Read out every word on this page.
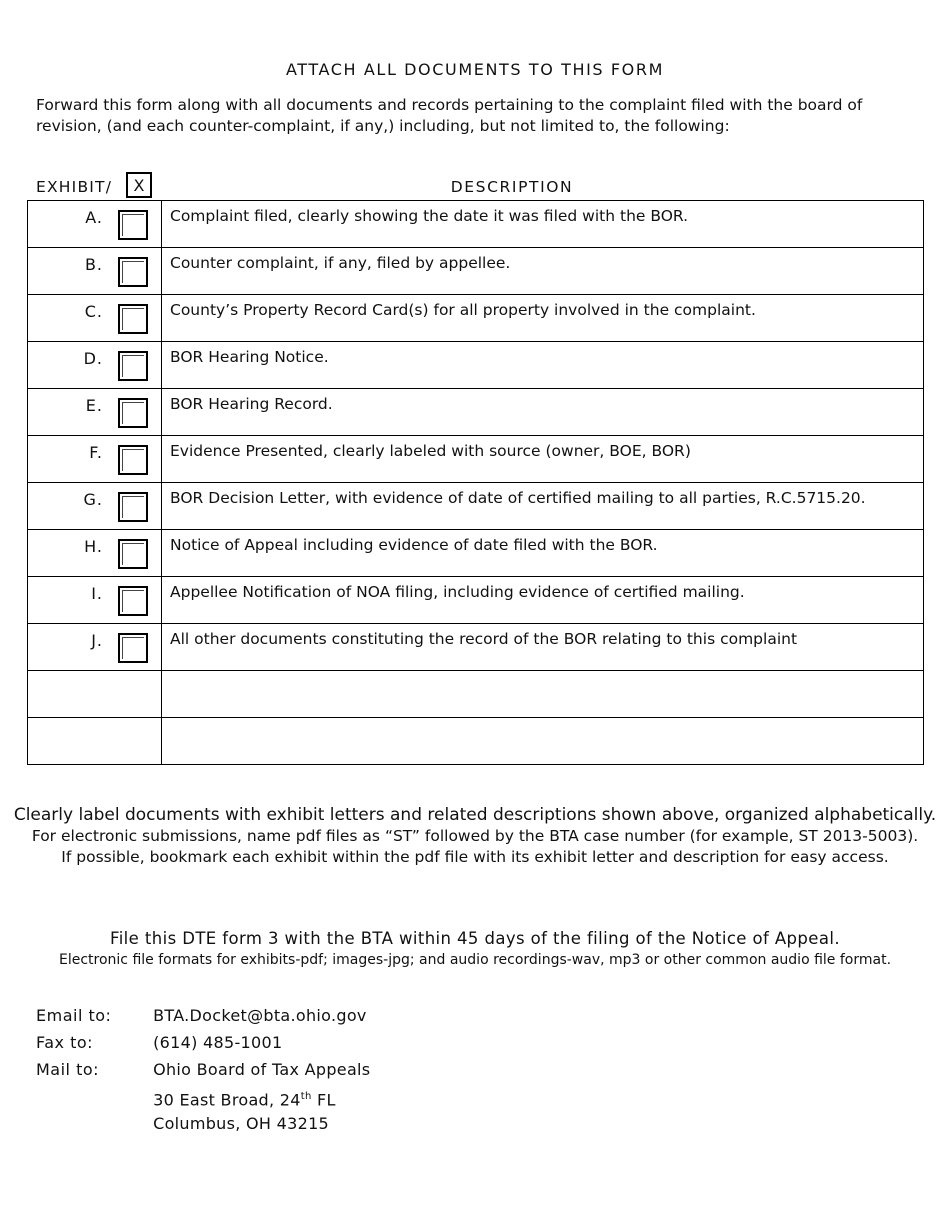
ATTACH ALL DOCUMENTS TO THIS FORM
Forward this form along with all documents and records pertaining to the complaint filed with the board of revision, (and each counter-complaint, if any,) including, but not limited to, the following:
EXHIBIT/	X	DESCRIPTION
A.	Complaint filed, clearly showing the date it was filed with the BOR.

B.	Counter complaint, if any, filed by appellee.

C.	County’s Property Record Card(s) for all property involved in the complaint.

D.	BOR Hearing Notice.

E.	BOR Hearing Record.

F.	Evidence Presented, clearly labeled with source (owner, BOE, BOR)

G.	BOR Decision Letter, with evidence of date of certified mailing to all parties, R.C.5715.20.

H.	Notice of Appeal including evidence of date filed with the BOR.

I.	Appellee Notification of NOA filing, including evidence of certified mailing.

J.	All other documents constituting the record of the BOR relating to this complaint

Clearly label documents with exhibit letters and related descriptions shown above, organized alphabetically.
For electronic submissions, name pdf files as “ST” followed by the BTA case number (for example, ST 2013-5003).
If possible, bookmark each exhibit within the pdf file with its exhibit letter and description for easy access.
File this DTE form 3 with the BTA within 45 days of the filing of the Notice of Appeal.
Electronic file formats for exhibits-pdf; images-jpg; and audio recordings-wav, mp3 or other common audio file format.
Email to:	BTA.Docket@bta.ohio.gov
Fax to:	(614) 485-1001
Mail to:	Ohio Board of Tax Appeals
30 East Broad, 24th FL
Columbus, OH 43215
